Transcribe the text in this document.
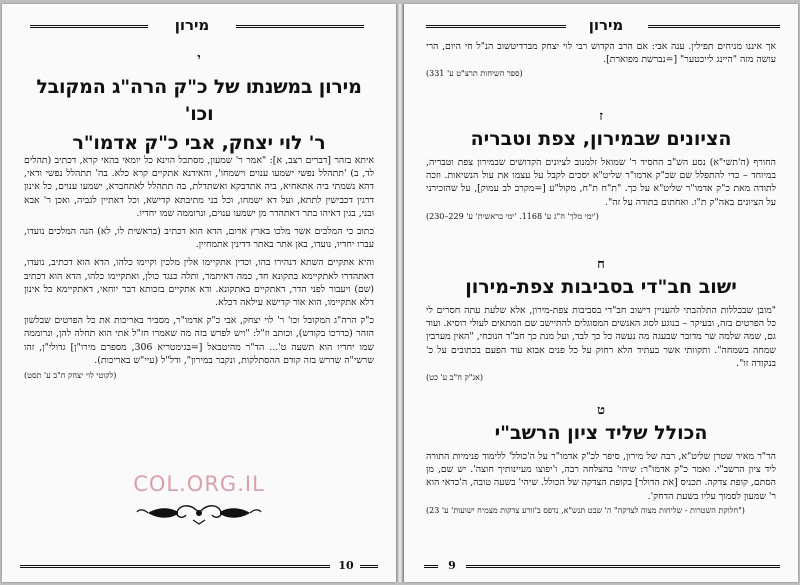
מירון
י

מירון במשנתו של כ"ק הרה"ג המקובל וכו'

ר' לוי יצחק, אבי כ"ק אדמו"ר

איתא בזהר [דברים רצב, א]: "אמר ר' שמעון, מסתכל הוינא כל יומאי בהאי קרא, דכתיב (תהלים לד, ב) 'תתהלל נפשי ישמעו ענוים וישמחו', והאידנא אתקיים קרא כלא. בה' תתהלל נפשי ודאי, דהא נשמתי ביה אתאחיא, ביה אתדבקא ואשתדלת, בה תתהלל לאתחברא, ישמעו ענוים, כל אינון דרגין דכבישין לתתא, ועל דא ישמחו, וכל בני מתיבתא קדישא, וכל דאתיין לגביה, ואכן ר' אבא ובני, בגין דאיהו בתר דאתהדר מן ישמעו ענוים, ונרוממה שמו יחדיו.

כתוב כי המלכים אשר מלכו בארץ אדום, הדא הוא דכתיב (בראשית לו, לא) הנה המלכים נועדו, עברו יחדיו, נועדו, באן אתר באתר דדינין אתמחיין.

והיא אתקיים השתא דנהירו בהו, וכדין אתקיימו אלין מלכין וקיימו כלהו, הדא הוא דכתיב, נועדו, דאתהדרו לאתקיימא בתקונא חד, כמה דאיתמר, ותלה כנגד כולן, ואתקיימו כלהו, הדא הוא דכתיב (שם) ויעבור לפני הדר, דאתקיים באתקונא. ודא אתקיים בזכותא דבר יוחאי, דאתקיימא כל אינון דלא אתקיימו, הוא אור קדישא עילאה דכלא.

כ"ק הרה"ג המקובל וכו' ר' לוי יצחק, אבי כ"ק אדמו"ר, מסביר באריכות את כל הפרטים שבלשון הזהר (כדרכו בקודש), וכותב וז"ל: "ויש לפרש בזה מה שאמרו חז"ל אתי הוא תחלה להן, ונרוממה שמו יחדיו הוא תשעה ט'... הד"ר מהיטבאל [=בגימטריא 306, מספרם מירו"ן] גדולי"ן, זהו שרשי"ה שדרש בזה קודם ההסתלקות, ונקבר במירון", ודל"ל (עיי"ש באריכות).

(לקוטי לוי יצחק ח"ב ע' תסט)

COL.ORG.IL
10
מירון

אך איננו מניחים תפילין. ענה אבי: אם הרב הקדוש רבי לוי יצחק מברדיטשוב הנ"ל חי היום, הרי עושה מזה "היינג לייכטער" [=נברשת מפוארת].

(ספר השיחות תרצ"ט ע' 331)

ז

הציונים שבמירון, צפת וטבריה

החורף (ה'תשי"א) נסע הש"ב החסיד ר' שמואל זלמנוב לציונים הקדושים שבמירון צפת וטבריה, במיוחד – כדי להתפלל שם שכ"ק אדמו"ר שליט"א יסכים לקבל על עצמו את עול הנשיאות. וזכה לתודה מאת כ"ק אדמו"ר שליט"א על כך. "ת"ח ת"ח, מקול"ע [=מקרב לב עמוק], על שהזכירני על הציונים באה"ק ת"ו. ואחתום בתודה על זה".

('ימי מלך' ח"ג ע' 1168. 'ימי בראשית' ע' 229–230)

ח

ישוב חב"די בסביבות צפת-מירון

"מובן שבכללות התלהבתי להעניין דישוב חב"די בסביבות צפת-מירון, אלא שלעת עתה חסרים לי כל הפרטים בזה, ובעיקר – בנוגע לסוג האנשים המסוגלים להתיישב שם המתאים לעולי רוסיא. ועוד גם, שמה שלמה שר מדובר שבעגה מה נעשה כל כך לבד, ועל מנת כך חב"ד הנוכחי, "האין מערבין שמחה בשמחה". ותקוותי אשר בעתיד הלא רחוק על כל פנים אבוא עוד הפעם בכתובים על כ' בנקודה זו".

(אג"ק ח"ב ע' כט)

ט

הכולל שליד ציון הרשב"י

הר"ר מאיר שטרן שליט"א, רבה של מירון, סיפר לכ"ק אדמו"ר על ה'כולל' ללימוד פנימיות התורה ליד ציון הרשב"י. ואמר כ"ק אדמו"ר: שיהי' בהצלחה רבה, ו'יפוצו מעיינותיך חוצה'. יש שם, מן הסתם, קופת צדקה. תכניס [את הדולר] בקופת הצדקה של הכולל. שיהי' בשעה טובה, ה'כדאי הוא ר' שמעון לסמוך עליו בשעת הדחק'.

("חלוקת השטרות - שליחות מצוה לצדקה" ה' שבט תנש"א, נדפס ב'זורע צדקות מצמיח ישועות' ע' 23)

9
